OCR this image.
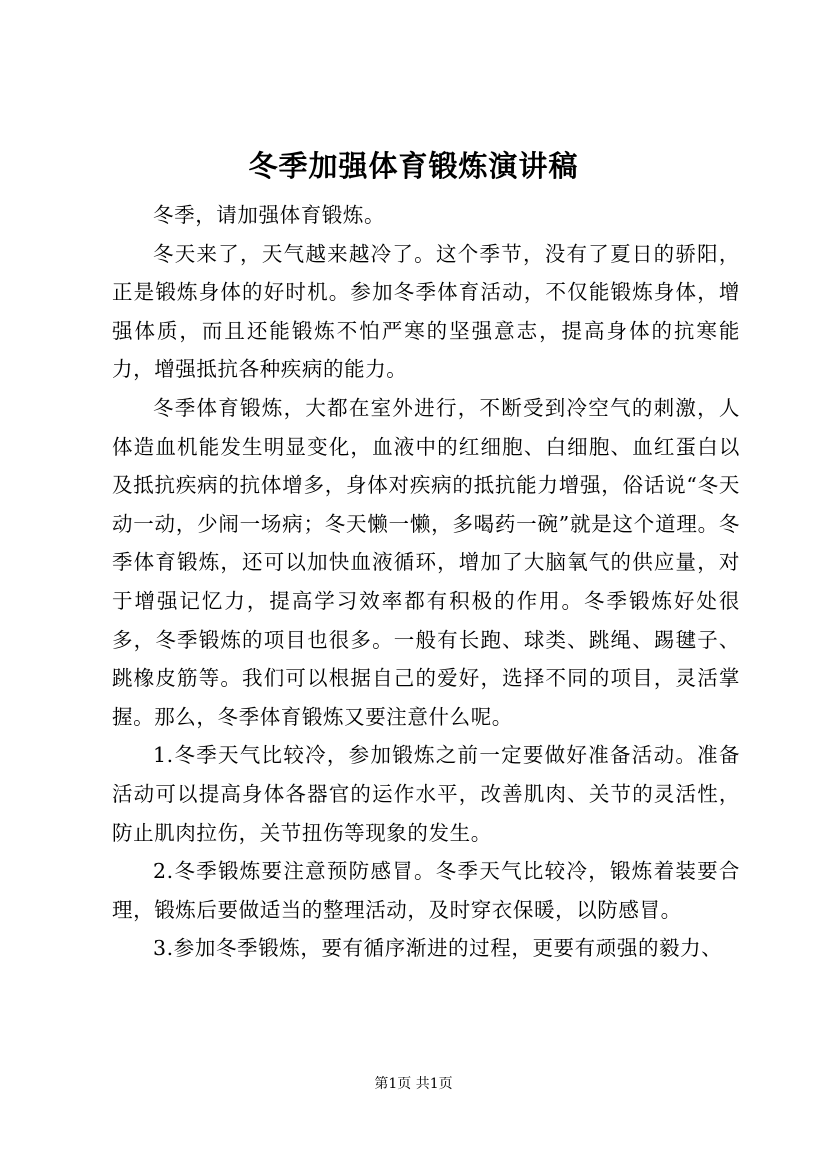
冬季加强体育锻炼演讲稿

冬季，请加强体育锻炼。

冬天来了，天气越来越冷了。这个季节，没有了夏日的骄阳，正是锻炼身体的好时机。参加冬季体育活动，不仅能锻炼身体，增强体质，而且还能锻炼不怕严寒的坚强意志，提高身体的抗寒能力，增强抵抗各种疾病的能力。

冬季体育锻炼，大都在室外进行，不断受到冷空气的刺激，人体造血机能发生明显变化，血液中的红细胞、白细胞、血红蛋白以及抵抗疾病的抗体增多，身体对疾病的抵抗能力增强，俗话说“冬天动一动，少闹一场病；冬天懒一懒，多喝药一碗”就是这个道理。冬季体育锻炼，还可以加快血液循环，增加了大脑氧气的供应量，对于增强记忆力，提高学习效率都有积极的作用。冬季锻炼好处很多，冬季锻炼的项目也很多。一般有长跑、球类、跳绳、踢毽子、跳橡皮筋等。我们可以根据自己的爱好，选择不同的项目，灵活掌握。那么，冬季体育锻炼又要注意什么呢。

1.冬季天气比较冷，参加锻炼之前一定要做好准备活动。准备活动可以提高身体各器官的运作水平，改善肌肉、关节的灵活性，防止肌肉拉伤，关节扭伤等现象的发生。

2.冬季锻炼要注意预防感冒。冬季天气比较冷，锻炼着装要合理，锻炼后要做适当的整理活动，及时穿衣保暖，以防感冒。

3.参加冬季锻炼，要有循序渐进的过程，更要有顽强的毅力、

第1页 共1页
